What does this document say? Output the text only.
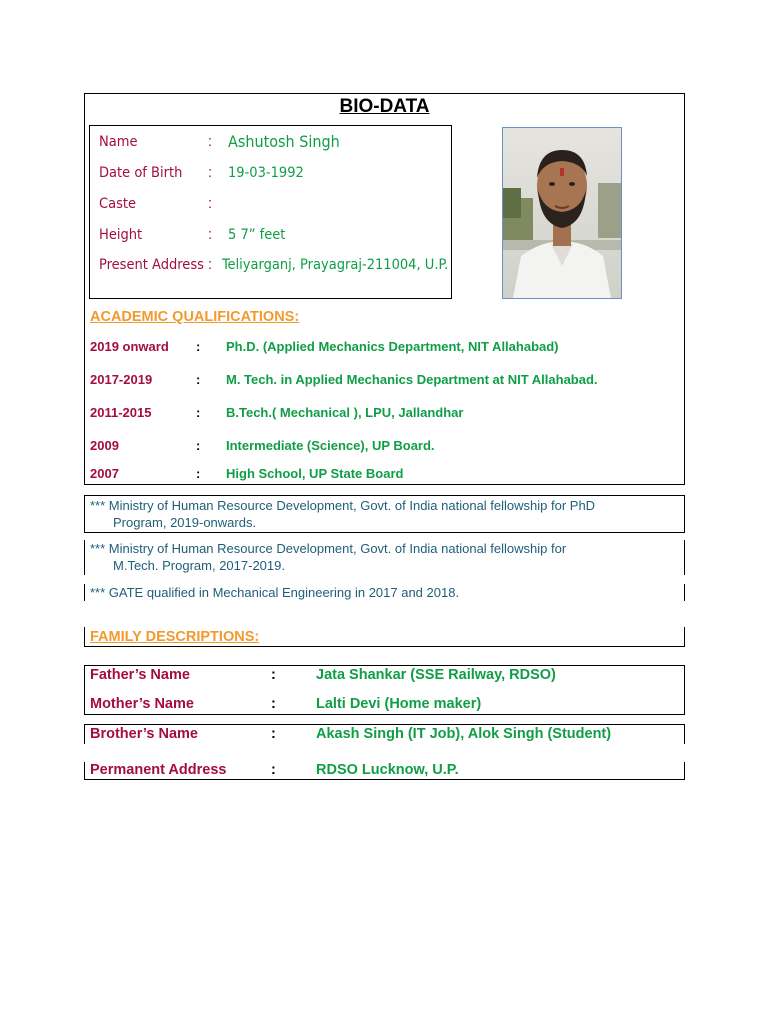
BIO-DATA
Name	: Ashutosh Singh
Date of Birth : 19-03-1992
Caste	:
Height	: 5 7” feet
Present Address : Teliyarganj, Prayagraj-211004, U.P.
ACADEMIC QUALIFICATIONS:
2019 onward : Ph.D. (Applied Mechanics Department, NIT Allahabad)
2017-2019	: M. Tech. in Applied Mechanics Department at NIT Allahabad.
2011-2015	: B.Tech.( Mechanical ), LPU, Jallandhar
2009	: Intermediate (Science), UP Board.
2007	: High School, UP State Board
*** Ministry of Human Resource Development, Govt. of India national fellowship for PhD
Program, 2019-onwards.
*** Ministry of Human Resource Development, Govt. of India national fellowship for
M.Tech. Program, 2017-2019.
*** GATE qualified in Mechanical Engineering in 2017 and 2018.
FAMILY DESCRIPTIONS:
Father’s Name	:	Jata Shankar (SSE Railway, RDSO)
Mother’s Name	:	Lalti Devi (Home maker)
Brother’s Name	:	Akash Singh (IT Job), Alok Singh (Student)
Permanent Address	:	RDSO Lucknow, U.P.
